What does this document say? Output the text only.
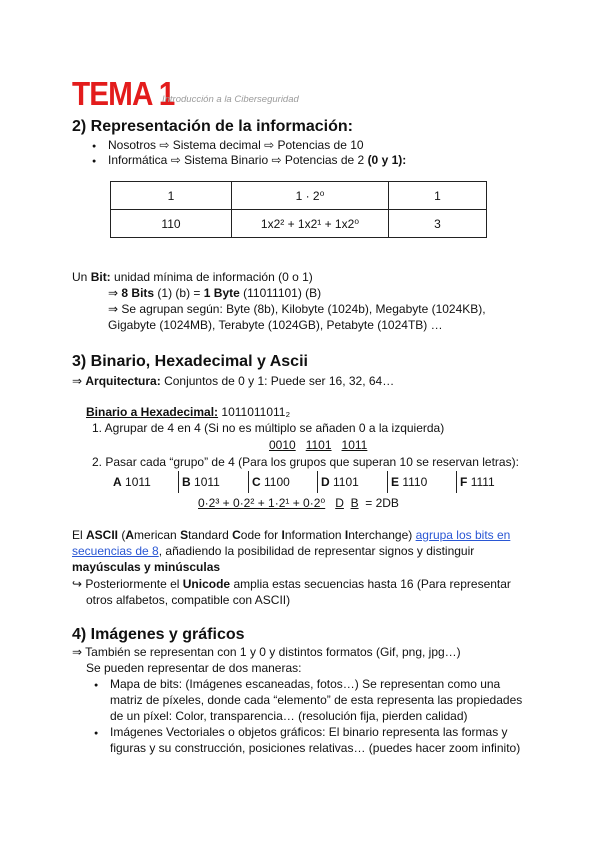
TEMA 1
Introducción a la Ciberseguridad
2) Representación de la información:
● Nosotros ⇨ Sistema decimal ⇨ Potencias de 10
● Informática ⇨ Sistema Binario ⇨ Potencias de 2 (0 y 1):
1	1 · 2⁰	1
110	1x2² + 1x2¹ + 1x2⁰	3
Un Bit: unidad mínima de información (0 o 1)
⇒ 8 Bits (1) (b) = 1 Byte (11011101) (B)
⇒ Se agrupan según: Byte (8b), Kilobyte (1024b), Megabyte (1024KB),
Gigabyte (1024MB), Terabyte (1024GB), Petabyte (1024TB) …
3) Binario, Hexadecimal y Ascii
⇒ Arquitectura: Conjuntos de 0 y 1: Puede ser 16, 32, 64…
Binario a Hexadecimal: 1011011011₂
1. Agrupar de 4 en 4 (Si no es múltiplo se añaden 0 a la izquierda)
0010 1101 1011
2. Pasar cada “grupo” de 4 (Para los grupos que superan 10 se reservan letras):
A 1011	B 1011	C 1100	D 1101	E 1110	F 1111
0·2³ + 0·2² + 1·2¹ + 0·2⁰ D B = 2DB
El ASCII (American Standard Code for Information Interchange) agrupa los bits en
secuencias de 8, añadiendo la posibilidad de representar signos y distinguir
mayúsculas y minúsculas
↪ Posteriormente el Unicode amplia estas secuencias hasta 16 (Para representar
otros alfabetos, compatible con ASCII)
4) Imágenes y gráficos
⇒ También se representan con 1 y 0 y distintos formatos (Gif, png, jpg…)
Se pueden representar de dos maneras:
● Mapa de bits: (Imágenes escaneadas, fotos…) Se representan como una
matriz de píxeles, donde cada “elemento” de esta representa las propiedades
de un píxel: Color, transparencia… (resolución fija, pierden calidad)
● Imágenes Vectoriales o objetos gráficos: El binario representa las formas y
figuras y su construcción, posiciones relativas… (puedes hacer zoom infinito)
